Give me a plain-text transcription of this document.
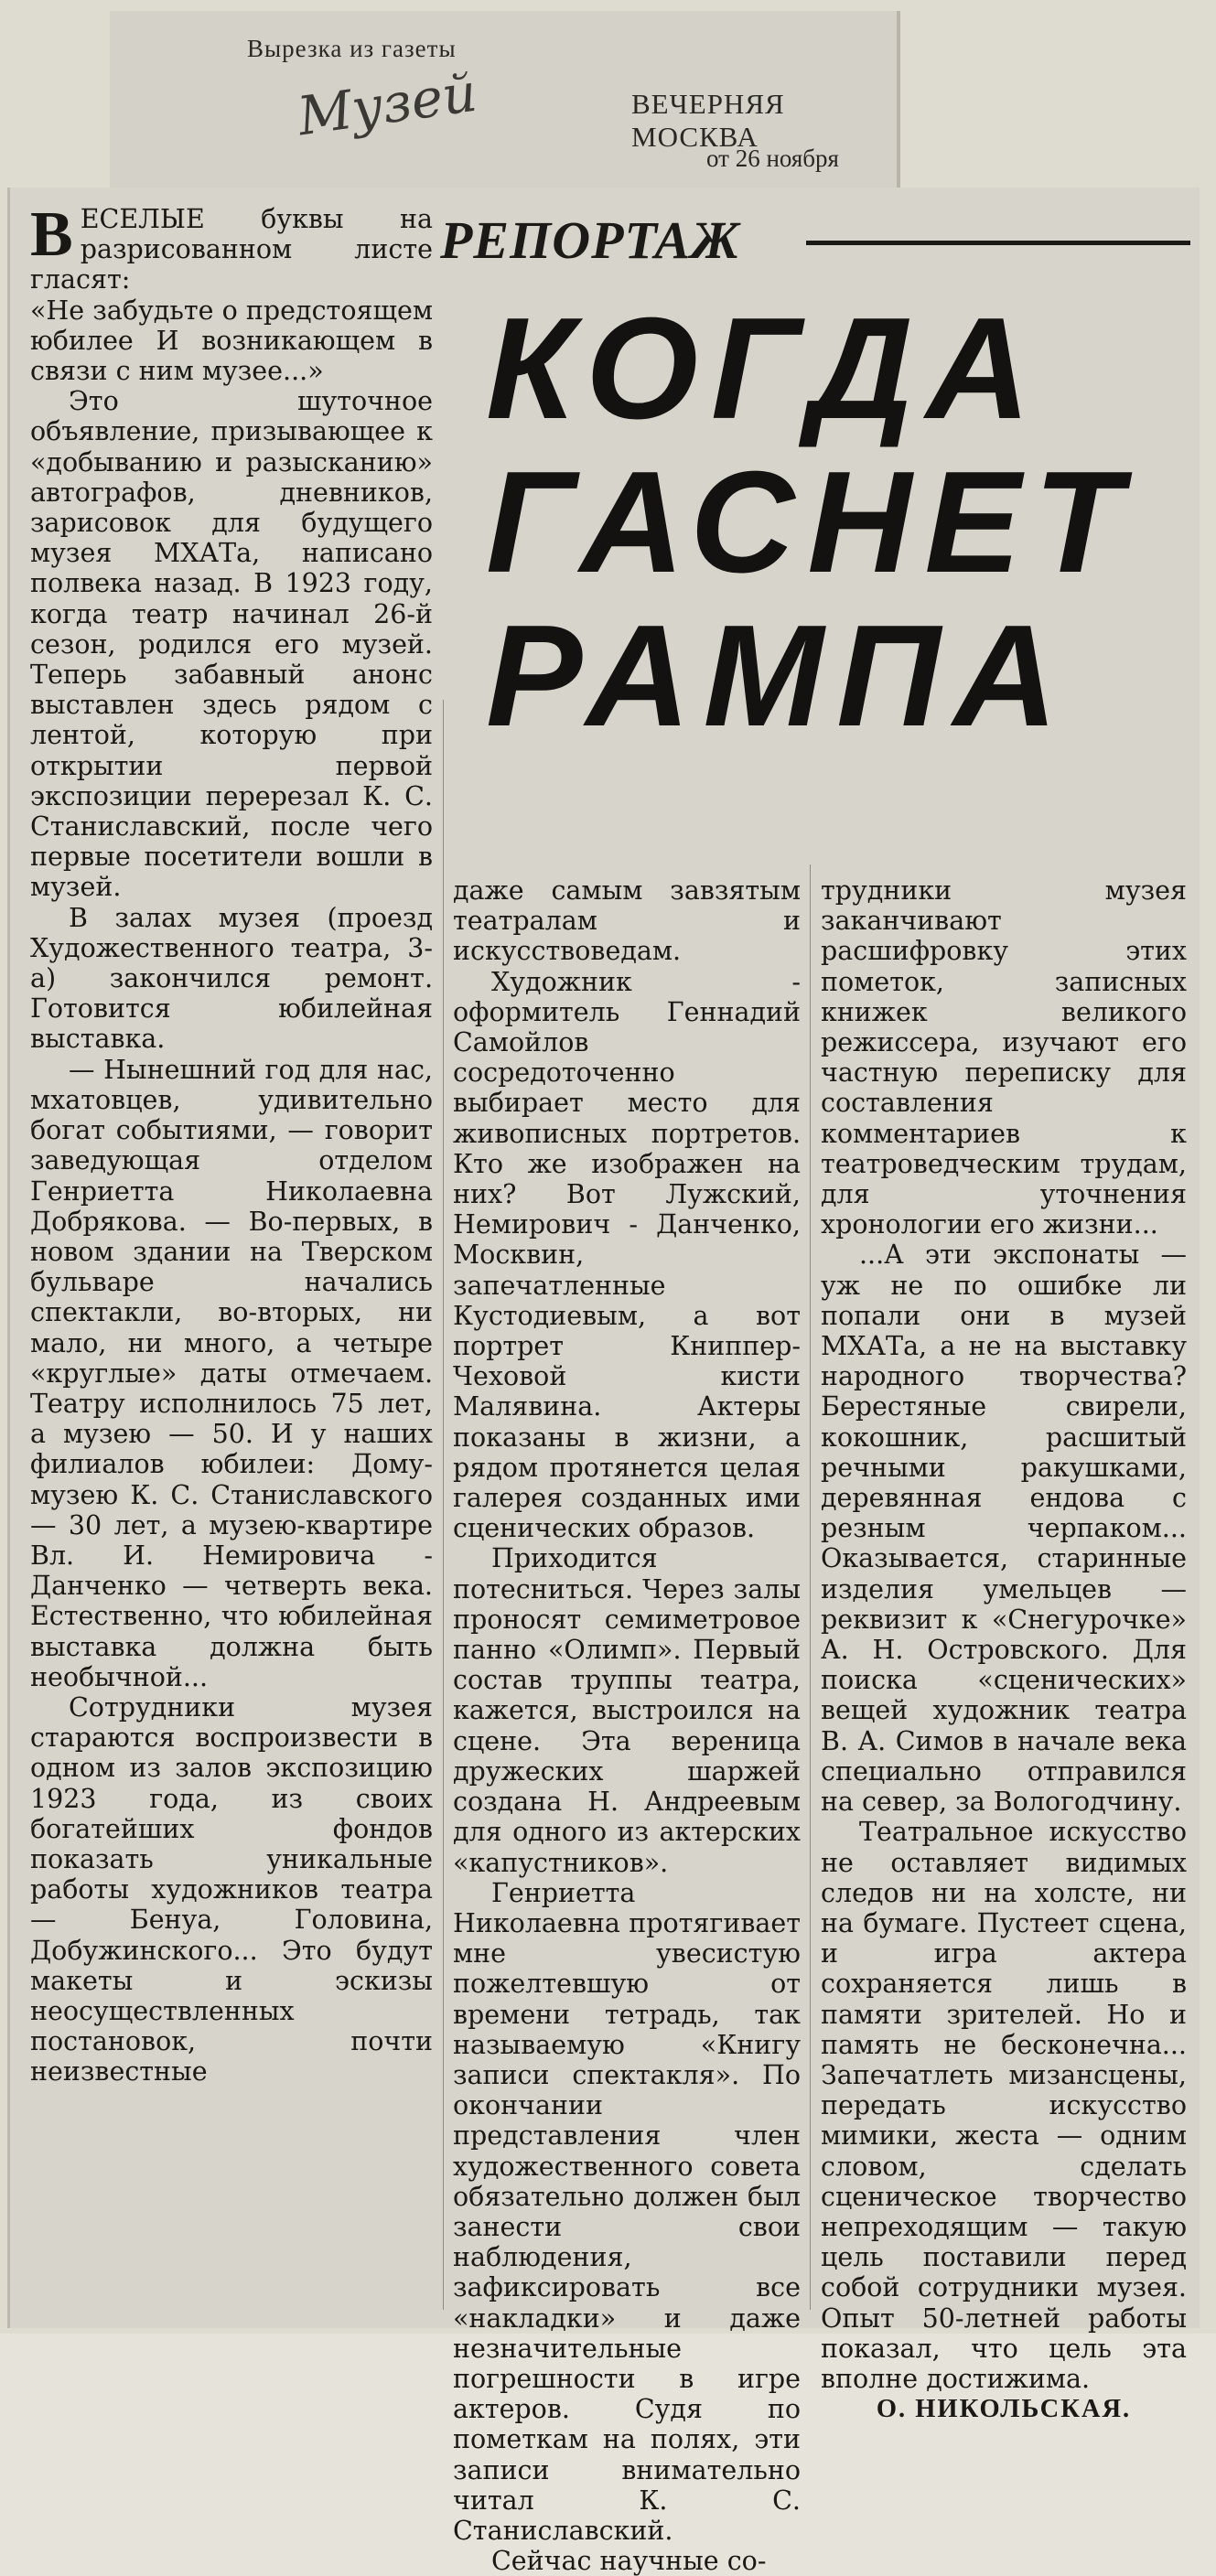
Вырезка из газеты
Музей	ВЕЧЕРНЯЯ МОСКВА
от 26 ноября
РЕПОРТАЖ
КОГДА
ГАСНЕТ
РАМПА

В ЕСЕЛЫЕ буквы на разрисованном листе гласят:

«Не забудьте о предстоящем юбилее И возникающем в связи с ним музее...»

Это шуточное объявление, призывающее к «добыванию и разысканию» автографов, дневников, зарисовок для будущего музея МХАТа, написано полвека назад. В 1923 году, когда театр начинал 26-й сезон, родился его музей. Теперь забавный анонс выставлен здесь рядом с лентой, которую при открытии первой экспозиции перерезал К. С. Станиславский, после чего первые посетители вошли в музей.

В залах музея (проезд Художественного театра, 3-а) закончился ремонт. Готовится юбилейная выставка.

— Нынешний год для нас, мхатовцев, удивительно богат событиями, — говорит заведующая отделом Генриетта Николаевна Добрякова. — Во-первых, в новом здании на Тверском бульваре начались спектакли, во-вторых, ни мало, ни много, а четыре «круглые» даты отмечаем. Театру исполнилось 75 лет, а музею — 50. И у наших филиалов юбилеи: Дому-музею К. С. Станиславского — 30 лет, а музею-квартире Вл. И. Немировича - Данченко — четверть века. Естественно, что юбилейная выставка должна быть необычной...

Сотрудники музея стараются воспроизвести в одном из залов экспозицию 1923 года, из своих богатейших фондов показать уникальные работы художников театра — Бенуа, Головина, Добужинского... Это будут макеты и эскизы неосуществленных постановок, почти неизвестные

даже самым завзятым театралам и искусствоведам.

Художник - оформитель Геннадий Самойлов сосредоточенно выбирает место для живописных портретов. Кто же изображен на них? Вот Лужский, Немирович - Данченко, Москвин, запечатленные Кустодиевым, а вот портрет Книппер-Чеховой кисти Малявина. Актеры показаны в жизни, а рядом протянется целая галерея созданных ими сценических образов.

Приходится потесниться. Через залы проносят семиметровое панно «Олимп». Первый состав труппы театра, кажется, выстроился на сцене. Эта вереница дружеских шаржей создана Н. Андреевым для одного из актерских «капустников».

Генриетта Николаевна протягивает мне увесистую пожелтевшую от времени тетрадь, так называемую «Книгу записи спектакля». По окончании представления член художественного совета обязательно должен был занести свои наблюдения, зафиксировать все «накладки» и даже незначительные погрешности в игре актеров. Судя по пометкам на полях, эти записи внимательно читал К. С. Станиславский.

Сейчас научные со-

трудники музея заканчивают расшифровку этих пометок, записных книжек великого режиссера, изучают его частную переписку для составления комментариев к театроведческим трудам, для уточнения хронологии его жизни...

...А эти экспонаты — уж не по ошибке ли попали они в музей МХАТа, а не на выставку народного творчества? Берестяные свирели, кокошник, расшитый речными ракушками, деревянная ендова с резным черпаком... Оказывается, старинные изделия умельцев — реквизит к «Снегурочке» А. Н. Островского. Для поиска «сценических» вещей художник театра В. А. Симов в начале века специально отправился на север, за Вологодчину.

Театральное искусство не оставляет видимых следов ни на холсте, ни на бумаге. Пустеет сцена, и игра актера сохраняется лишь в памяти зрителей. Но и память не бесконечна... Запечатлеть мизансцены, передать искусство мимики, жеста — одним словом, сделать сценическое творчество непреходящим — такую цель поставили перед собой сотрудники музея. Опыт 50-летней работы показал, что цель эта вполне достижима.

О. НИКОЛЬСКАЯ.
